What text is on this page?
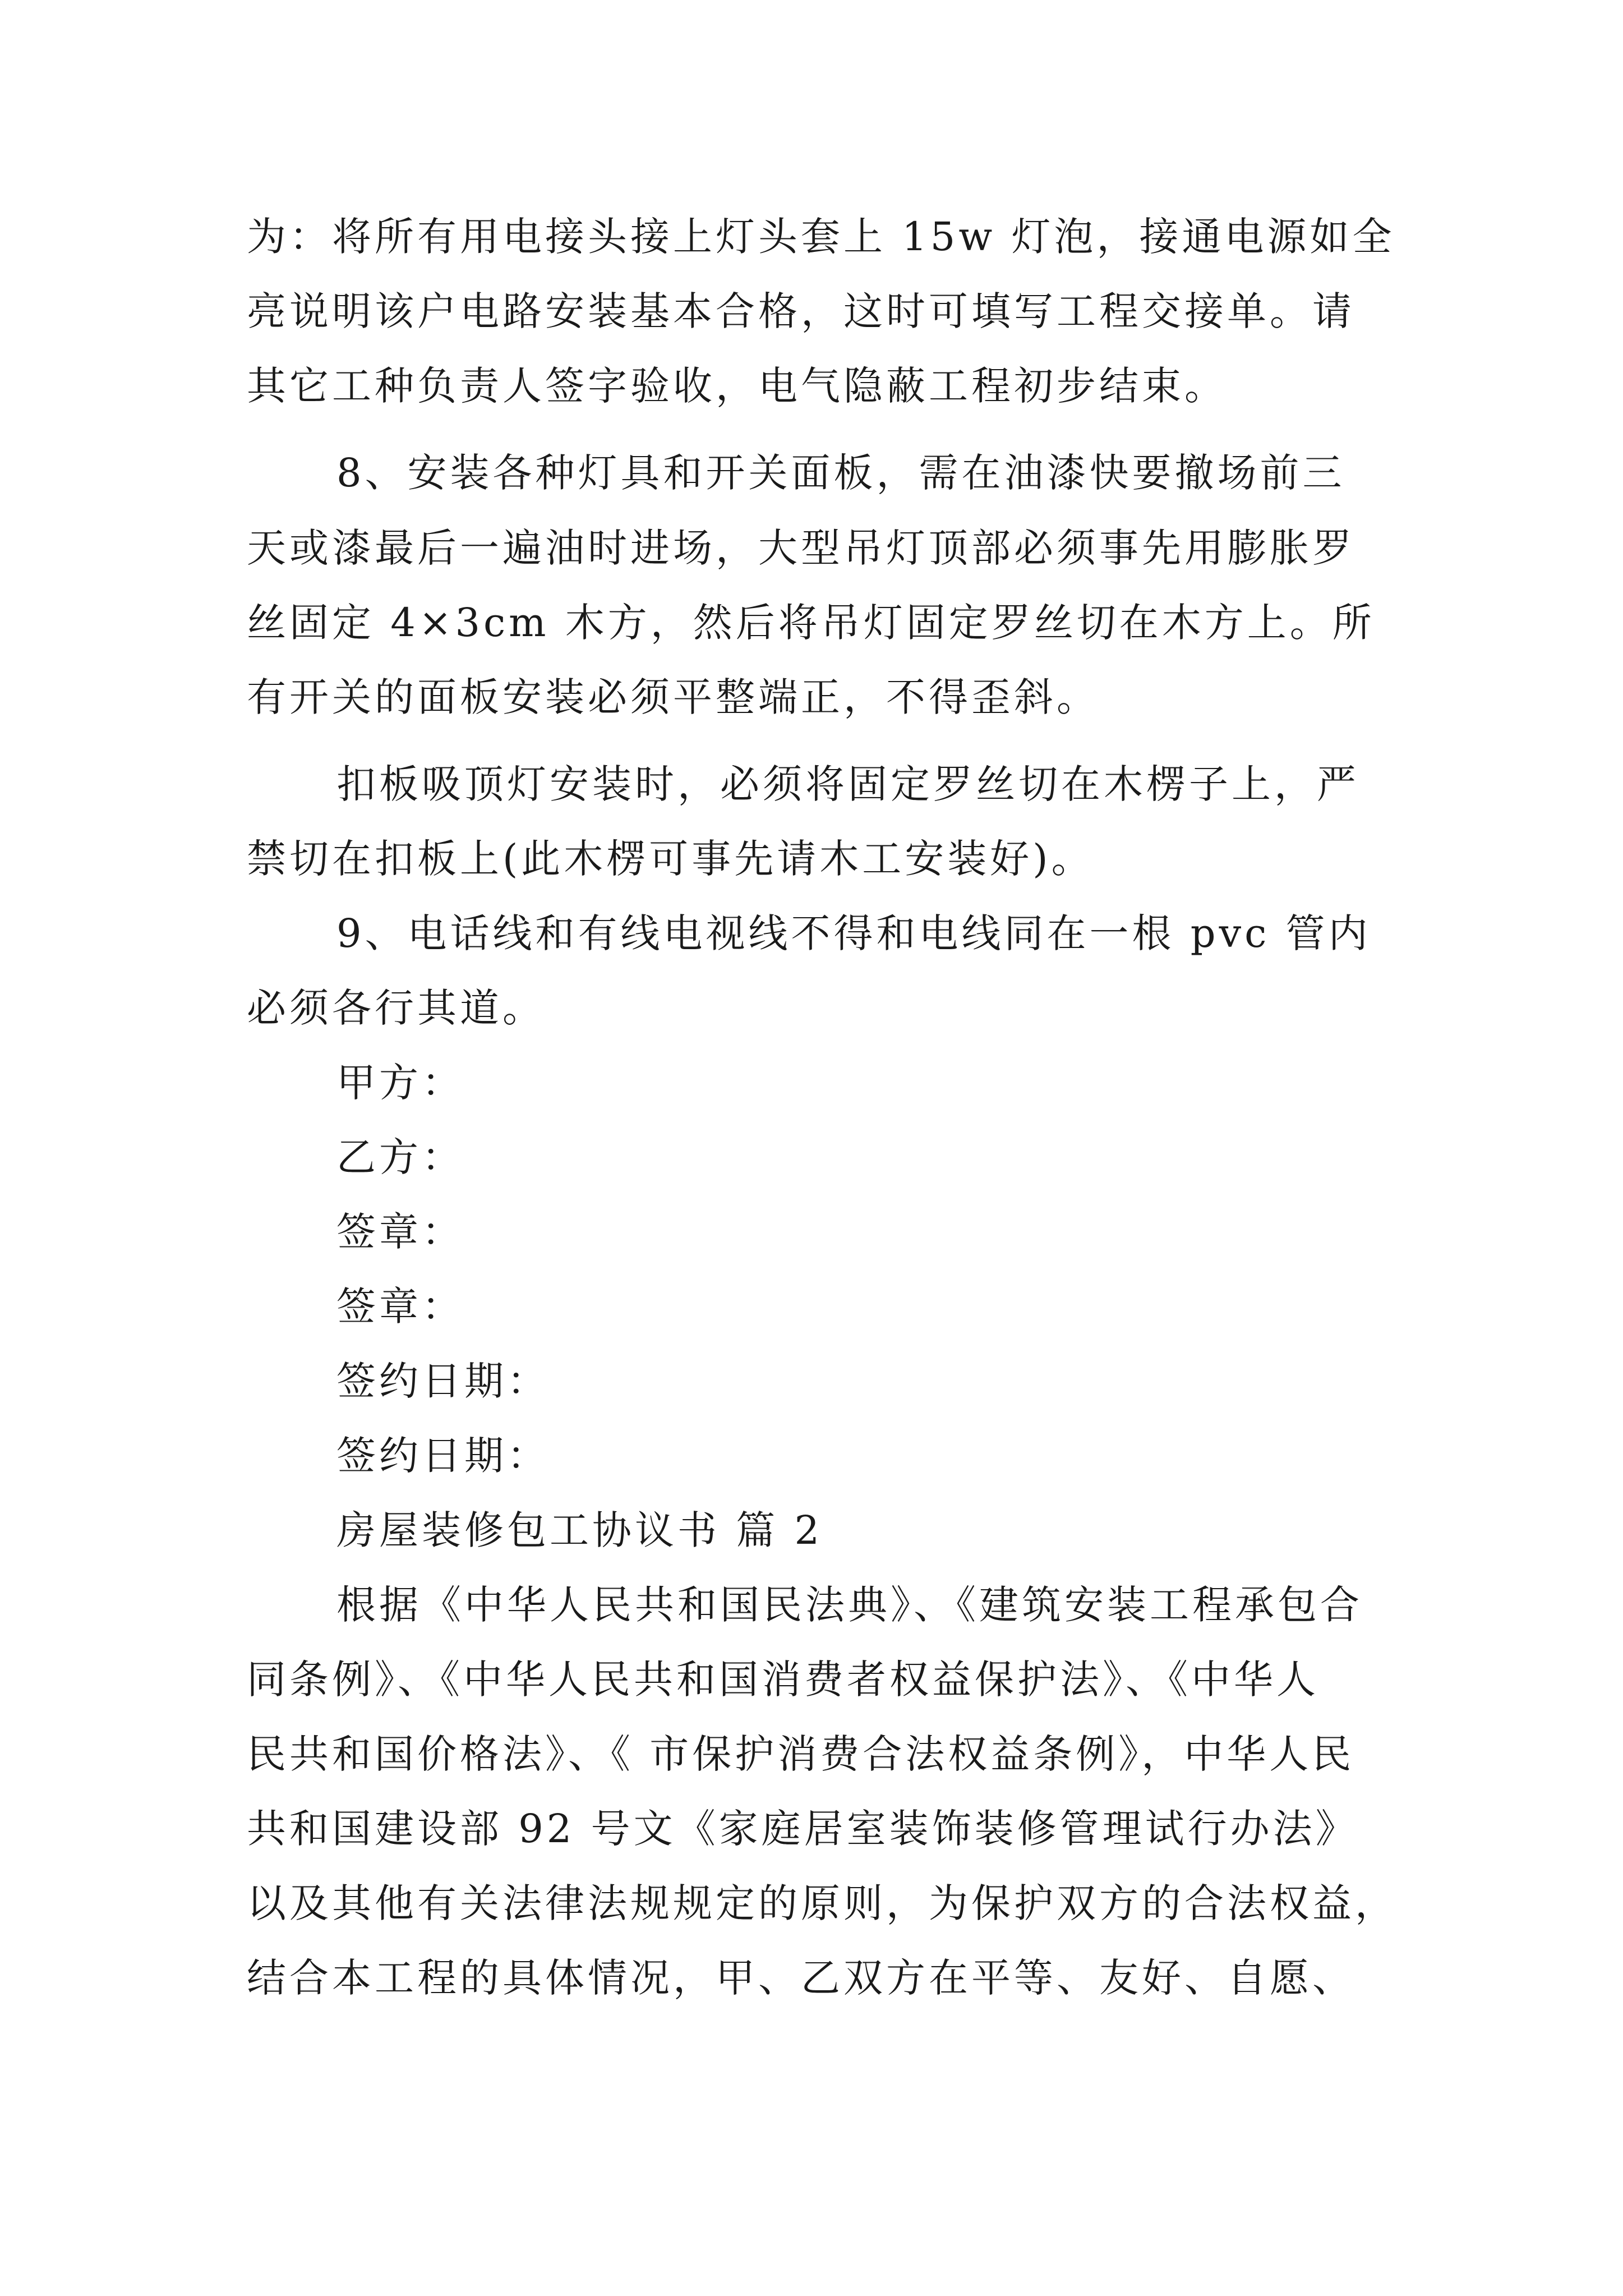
为：将所有用电接头接上灯头套上 15w 灯泡，接通电源如全

亮说明该户电路安装基本合格，这时可填写工程交接单。请

其它工种负责人签字验收，电气隐蔽工程初步结束。

8、安装各种灯具和开关面板，需在油漆快要撤场前三

天或漆最后一遍油时进场，大型吊灯顶部必须事先用膨胀罗

丝固定 4×3cm 木方，然后将吊灯固定罗丝切在木方上。所

有开关的面板安装必须平整端正，不得歪斜。

扣板吸顶灯安装时，必须将固定罗丝切在木楞子上，严

禁切在扣板上(此木楞可事先请木工安装好)。

9、电话线和有线电视线不得和电线同在一根 pvc 管内

必须各行其道。

甲方：

乙方：

签章：

签章：

签约日期：

签约日期：

房屋装修包工协议书 篇 2

根据《中华人民共和国民法典》、《建筑安装工程承包合

同条例》、《中华人民共和国消费者权益保护法》、《中华人

民共和国价格法》、《 市保护消费合法权益条例》，中华人民

共和国建设部 92 号文《家庭居室装饰装修管理试行办法》

以及其他有关法律法规规定的原则，为保护双方的合法权益，

结合本工程的具体情况，甲、乙双方在平等、友好、自愿、
